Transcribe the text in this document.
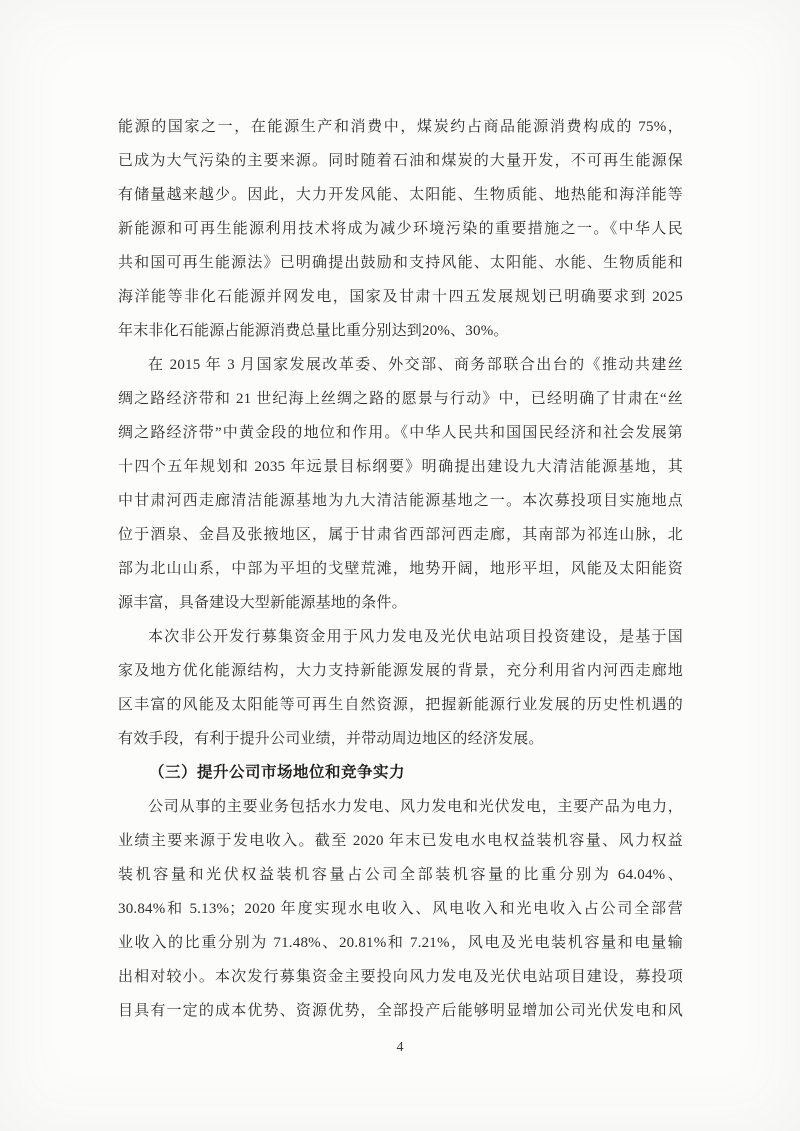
能源的国家之一，在能源生产和消费中，煤炭约占商品能源消费构成的 75%，
已成为大气污染的主要来源。同时随着石油和煤炭的大量开发，不可再生能源保
有储量越来越少。因此，大力开发风能、太阳能、生物质能、地热能和海洋能等
新能源和可再生能源利用技术将成为减少环境污染的重要措施之一。《中华人民
共和国可再生能源法》已明确提出鼓励和支持风能、太阳能、水能、生物质能和
海洋能等非化石能源并网发电，国家及甘肃十四五发展规划已明确要求到 2025
年末非化石能源占能源消费总量比重分别达到20%、30%。
在 2015 年 3 月国家发展改革委、外交部、商务部联合出台的《推动共建丝
绸之路经济带和 21 世纪海上丝绸之路的愿景与行动》中，已经明确了甘肃在“丝
绸之路经济带”中黄金段的地位和作用。《中华人民共和国国民经济和社会发展第
十四个五年规划和 2035 年远景目标纲要》明确提出建设九大清洁能源基地，其
中甘肃河西走廊清洁能源基地为九大清洁能源基地之一。本次募投项目实施地点
位于酒泉、金昌及张掖地区，属于甘肃省西部河西走廊，其南部为祁连山脉，北
部为北山山系，中部为平坦的戈壁荒滩，地势开阔，地形平坦，风能及太阳能资
源丰富，具备建设大型新能源基地的条件。
本次非公开发行募集资金用于风力发电及光伏电站项目投资建设，是基于国
家及地方优化能源结构，大力支持新能源发展的背景，充分利用省内河西走廊地
区丰富的风能及太阳能等可再生自然资源，把握新能源行业发展的历史性机遇的
有效手段，有利于提升公司业绩，并带动周边地区的经济发展。
（三）提升公司市场地位和竞争实力
公司从事的主要业务包括水力发电、风力发电和光伏发电，主要产品为电力，
业绩主要来源于发电收入。截至 2020 年末已发电水电权益装机容量、风力权益
装机容量和光伏权益装机容量占公司全部装机容量的比重分别为 64.04%、
30.84%和 5.13%；2020 年度实现水电收入、风电收入和光电收入占公司全部营
业收入的比重分别为 71.48%、20.81%和 7.21%，风电及光电装机容量和电量输
出相对较小。本次发行募集资金主要投向风力发电及光伏电站项目建设，募投项
目具有一定的成本优势、资源优势，全部投产后能够明显增加公司光伏发电和风
4
